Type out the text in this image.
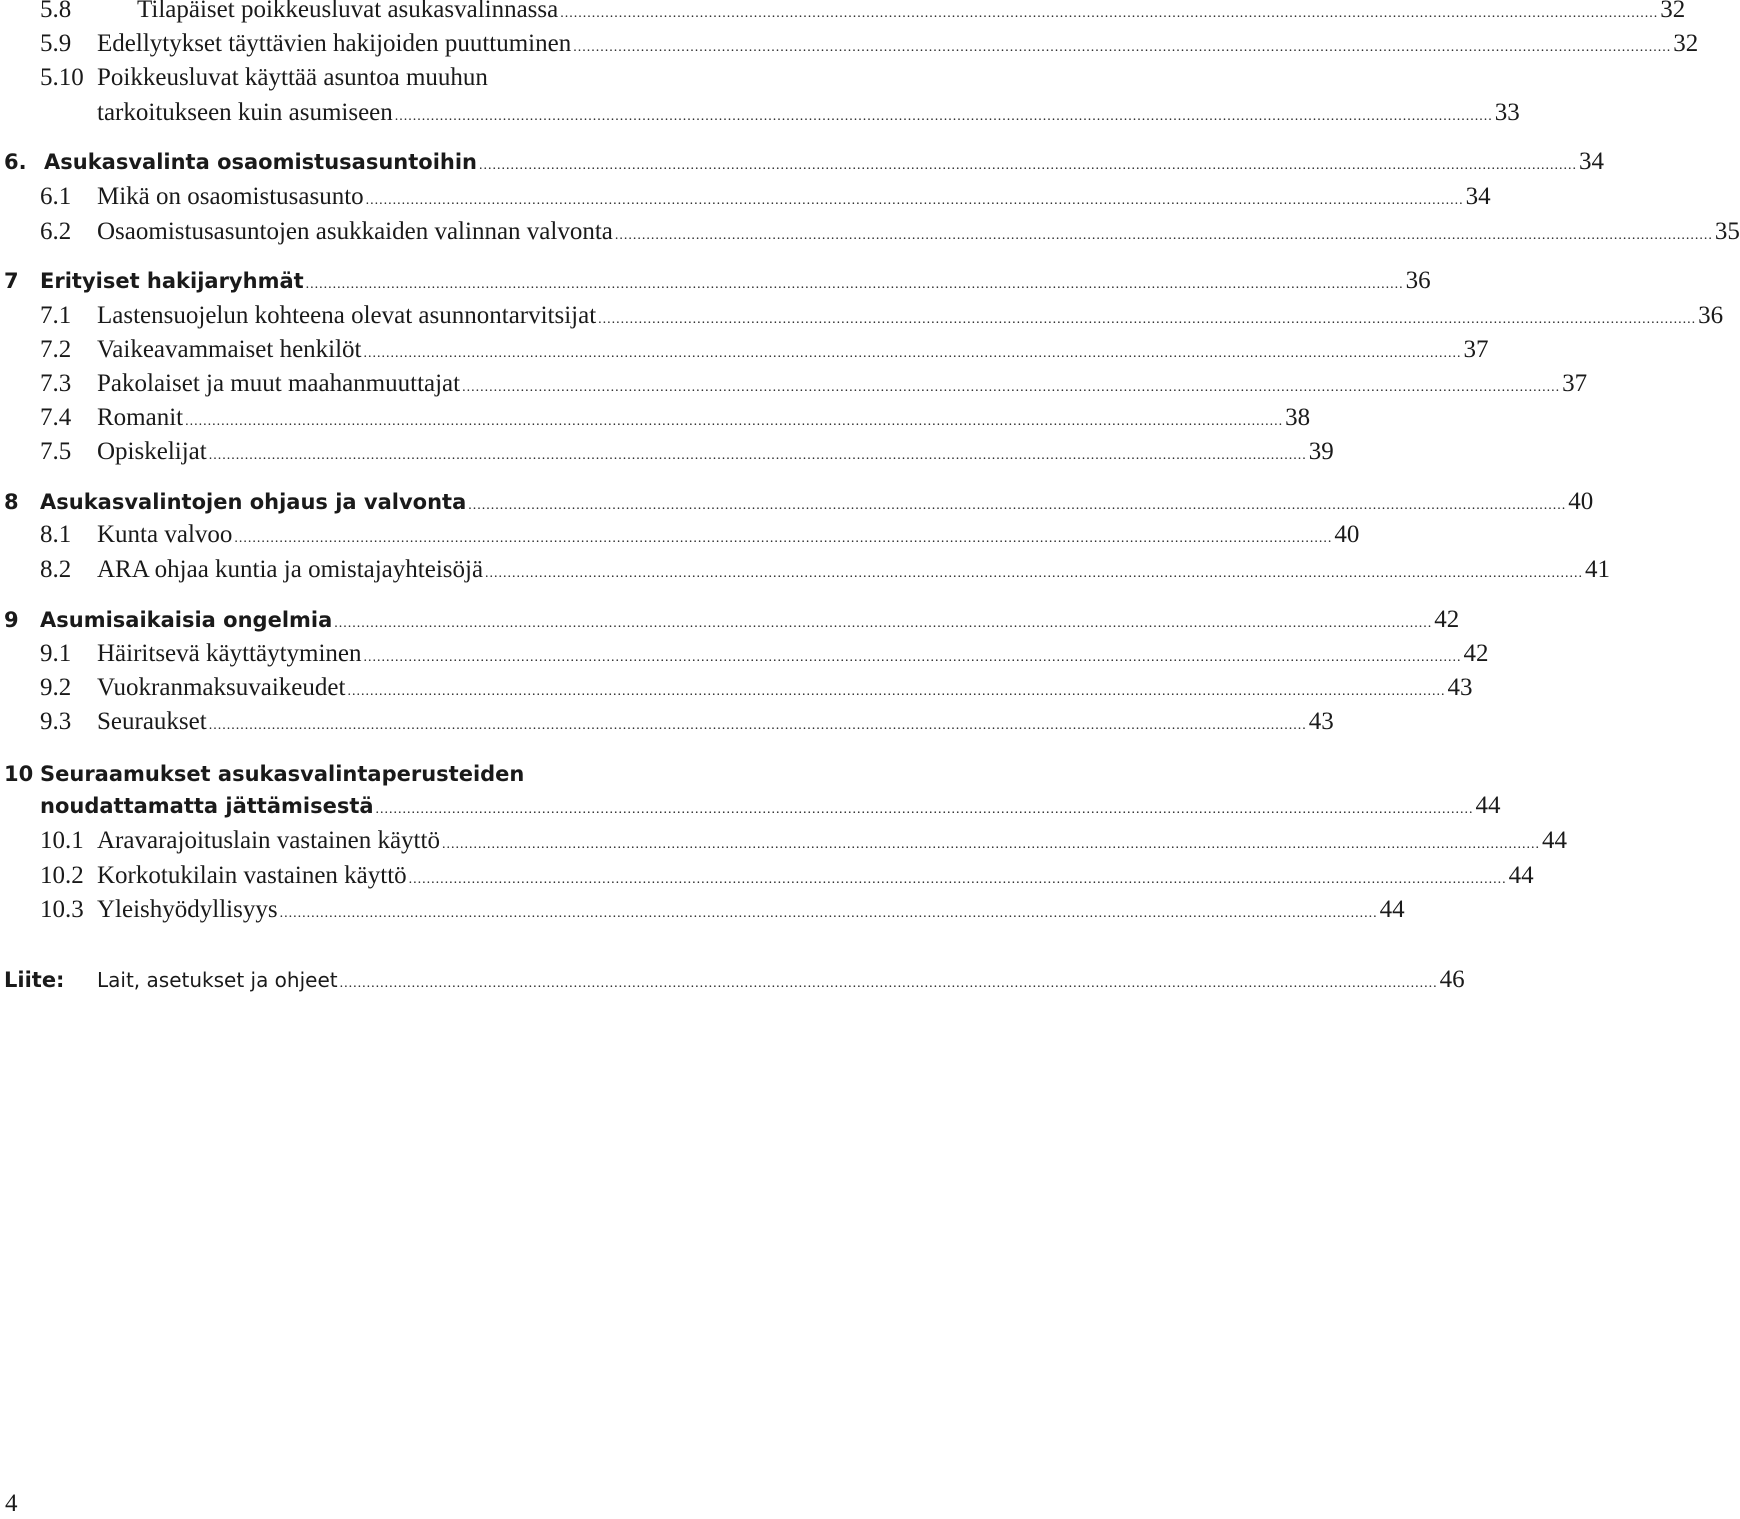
5.8	Tilapäiset poikkeusluvat asukasvalinnassa .....	32
5.9	Edellytykset täyttävien hakijoiden puuttuminen .....	32
5.10 Poikkeusluvat käyttää asuntoa muuhun
tarkoitukseen kuin asumiseen .....	33
6. Asukasvalinta osaomistusasuntoihin .....	34
6.1	Mikä on osaomistusasunto .....	34
6.2	Osaomistusasuntojen asukkaiden valinnan valvonta .....	35
7	Erityiset hakijaryhmät .....	36
7.1	Lastensuojelun kohteena olevat asunnontarvitsijat .....	36
7.2	Vaikeavammaiset henkilöt .....	37
7.3	Pakolaiset ja muut maahanmuuttajat .....	37
7.4	Romanit .....	38
7.5	Opiskelijat .....	39
8	Asukasvalintojen ohjaus ja valvonta .....	40
8.1	Kunta valvoo .....	40
8.2	ARA ohjaa kuntia ja omistajayhteisöjä .....	41
9	Asumisaikaisia ongelmia .....	42
9.1	Häiritsevä käyttäytyminen .....	42
9.2	Vuokranmaksuvaikeudet .....	43
9.3	Seuraukset .....	43
10 Seuraamukset asukasvalintaperusteiden
noudattamatta jättämisestä .....	44
10.1 Aravarajoituslain vastainen käyttö .....	44
10.2 Korkotukilain vastainen käyttö .....	44
10.3 Yleishyödyllisyys .....	44
Liite:	Lait, asetukset ja ohjeet .....	46
4
